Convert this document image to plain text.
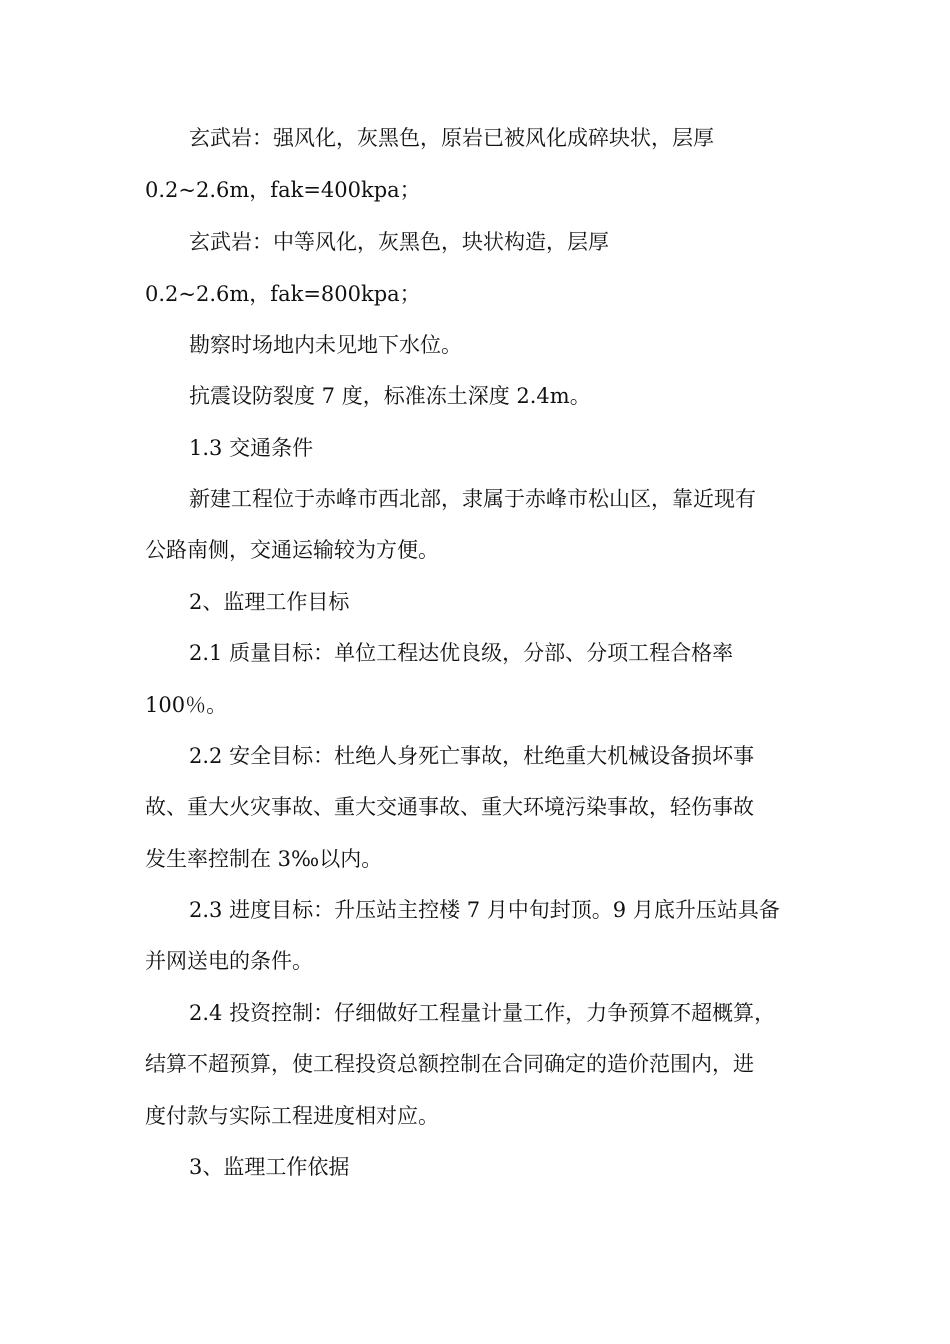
玄武岩：强风化，灰黑色，原岩已被风化成碎块状，层厚
0.2~2.6m，fak=400kpa；
玄武岩：中等风化，灰黑色，块状构造，层厚
0.2~2.6m，fak=800kpa；
勘察时场地内未见地下水位。
抗震设防裂度 7 度，标准冻土深度 2.4m。
1.3 交通条件
新建工程位于赤峰市西北部，隶属于赤峰市松山区，靠近现有
公路南侧，交通运输较为方便。
2、监理工作目标
2.1 质量目标：单位工程达优良级，分部、分项工程合格率
100％。
2.2 安全目标：杜绝人身死亡事故，杜绝重大机械设备损坏事
故、重大火灾事故、重大交通事故、重大环境污染事故，轻伤事故
发生率控制在 3‰以内。
2.3 进度目标：升压站主控楼 7 月中旬封顶。9 月底升压站具备
并网送电的条件。
2.4 投资控制：仔细做好工程量计量工作，力争预算不超概算，
结算不超预算，使工程投资总额控制在合同确定的造价范围内，进
度付款与实际工程进度相对应。
3、监理工作依据
